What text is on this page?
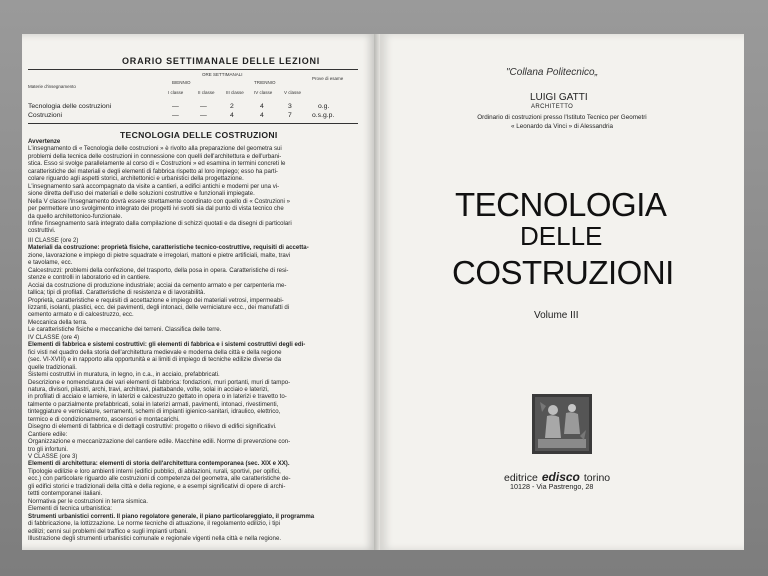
ORARIO SETTIMANALE DELLE LEZIONI
ORE SETTIMANALI
Materie d'insegnamento
BIENNIO	TRIENNIO
Prove di esame
I classe	II classe	III classe	IV classe	V classe
Tecnologia delle costruzioni	—	—	2	4	3	o.g.
Costruzioni	—	—	4	4	7	o.s.g.p.
TECNOLOGIA DELLE COSTRUZIONI

Avvertenze

L'insegnamento di « Tecnologia delle costruzioni » è rivolto alla preparazione del geometra sui

problemi della tecnica delle costruzioni in connessione con quelli dell'architettura e dell'urbani-

stica. Esso si svolge parallelamente al corso di « Costruzioni » ed esamina in termini concreti le

caratteristiche dei materiali e degli elementi di fabbrica rispetto al loro impiego; esso ha parti-

colare riguardo agli aspetti storici, architettonici e urbanistici della progettazione.

L'insegnamento sarà accompagnato da visite a cantieri, a edifici antichi e moderni per una vi-

sione diretta dell'uso dei materiali e delle soluzioni costruttive e funzionali impiegate.

Nella V classe l'insegnamento dovrà essere strettamente coordinato con quello di « Costruzioni »

per permettere uno svolgimento integrato dei progetti ivi svolti sia dal punto di vista tecnico che

da quello architettonico-funzionale.

Infine l'insegnamento sarà integrato dalla compilazione di schizzi quotati e da disegni di particolari

costruttivi.

III CLASSE (ore 2)

Materiali da costruzione: proprietà fisiche, caratteristiche tecnico-costruttive, requisiti di accetta-

zione, lavorazione e impiego di pietre squadrate e irregolari, mattoni e pietre artificiali, malte, travi

e tavolame, ecc.

Calcestruzzi: problemi della confezione, del trasporto, della posa in opera. Caratteristiche di resi-

stenze e controlli in laboratorio ed in cantiere.

Acciai da costruzione di produzione industriale; acciai da cemento armato e per carpenteria me-

tallica; tipi di profilati. Caratteristiche di resistenza e di lavorabilità.

Proprietà, caratteristiche e requisiti di accettazione e impiego dei materiali vetrosi, impermeabi-

lizzanti, isolanti, plastici, ecc. dei pavimenti, degli intonaci, delle verniciature ecc., dei manufatti di

cemento armato e di calcestruzzo, ecc.

Meccanica della terra.

Le caratteristiche fisiche e meccaniche dei terreni. Classifica delle terre.

IV CLASSE (ore 4)

Elementi di fabbrica e sistemi costruttivi: gli elementi di fabbrica e i sistemi costruttivi degli edi-

fici visti nel quadro della storia dell'architettura medievale e moderna della città e della regione

(sec. VI-XVIII) e in rapporto alla opportunità e ai limiti di impiego di tecniche edilizie diverse da

quelle tradizionali.

Sistemi costruttivi in muratura, in legno, in c.a., in acciaio, prefabbricati.

Descrizione e nomenclatura dei vari elementi di fabbrica: fondazioni, muri portanti, muri di tampo-

natura, divisori, pilastri, archi, travi, architravi, piattabande, volte, solai in acciaio e laterizi,

in profilati di acciaio e lamiere, in laterizi e calcestruzzo gettato in opera o in laterizi e travetto to-

talmente o parzialmente prefabbricati, solai in laterizi armati, pavimenti, intonaci, rivestimenti,

tinteggiature e verniciature, serramenti, schemi di impianti igienico-sanitari, idraulico, elettrico,

termico e di condizionamento, ascensori e montacarichi.

Disegno di elementi di fabbrica e di dettagli costruttivi: progetto o rilievo di edifici significativi.

Cantiere edile:

Organizzazione e meccanizzazione del cantiere edile. Macchine edili. Norme di prevenzione con-

tro gli infortuni.

V CLASSE (ore 3)

Elementi di architettura: elementi di storia dell'architettura contemporanea (sec. XIX e XX).

Tipologie edilizie e loro ambienti interni (edifici pubblici, di abitazioni, rurali, sportivi, per opifici,

ecc.) con particolare riguardo alle costruzioni di competenza del geometra, alle caratteristiche de-

gli edifici storici e tradizionali della città e della regione, e a esempi significativi di opere di archi-

tettti contemporanei italiani.

Normativa per le costruzioni in terra sismica.

Elementi di tecnica urbanistica:

Strumenti urbanistici correnti. Il piano regolatore generale, il piano particolareggiato, il programma

di fabbricazione, la lottizzazione. Le norme tecniche di attuazione, il regolamento edilizio, i tipi

edilizi; cenni sui problemi del traffico e sugli impianti urbani.

Illustrazione degli strumenti urbanistici comunale e regionale vigenti nella città e nella regione.

"Collana Politecnico„
LUIGI GATTI
ARCHITETTO
Ordinario di costruzioni presso l'Istituto Tecnico per Geometri
« Leonardo da Vinci » di Alessandria
TECNOLOGIA
DELLE
COSTRUZIONI
Volume III
editrice edisco torino
10128 - Via Pastrengo, 28
